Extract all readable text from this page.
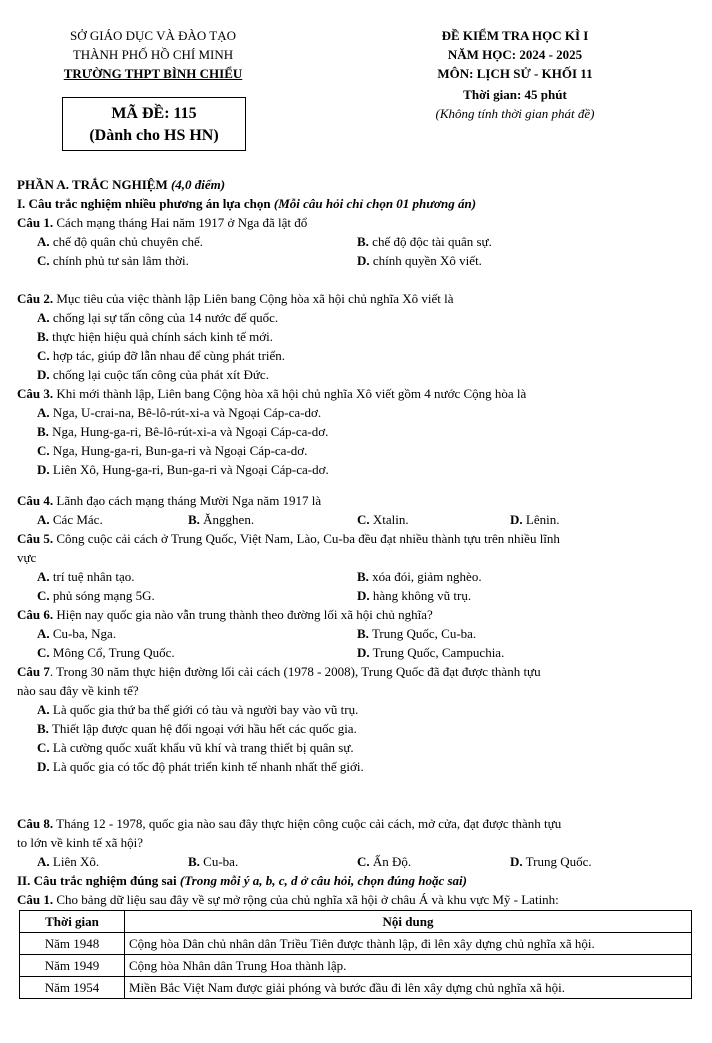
SỞ GIÁO DỤC VÀ ĐÀO TẠO
THÀNH PHỐ HỒ CHÍ MINH
TRƯỜNG THPT BÌNH CHIỂU
ĐỀ KIỂM TRA HỌC KÌ I
NĂM HỌC: 2024 - 2025
MÔN: LỊCH SỬ - KHỐI 11
Thời gian: 45 phút
(Không tính thời gian phát đề)
MÃ ĐỀ: 115
(Dành cho HS HN)
PHẦN A. TRẮC NGHIỆM (4,0 điểm)
I. Câu trắc nghiệm nhiều phương án lựa chọn (Mỗi câu hỏi chỉ chọn 01 phương án)
Câu 1. Cách mạng tháng Hai năm 1917 ở Nga đã lật đổ
A. chế độ quân chủ chuyên chế.	B. chế độ độc tài quân sự.
C. chính phủ tư sản lâm thời.	D. chính quyền Xô viết.
Câu 2. Mục tiêu của việc thành lập Liên bang Cộng hòa xã hội chủ nghĩa Xô viết là
A. chống lại sự tấn công của 14 nước đế quốc.
B. thực hiện hiệu quả chính sách kinh tế mới.
C. hợp tác, giúp đỡ lẫn nhau để cùng phát triển.
D. chống lại cuộc tấn công của phát xít Đức.
Câu 3. Khi mới thành lập, Liên bang Cộng hòa xã hội chủ nghĩa Xô viết gồm 4 nước Cộng hòa là
A. Nga, U-crai-na, Bê-lô-rút-xi-a và Ngoại Cáp-ca-dơ.
B. Nga, Hung-ga-ri, Bê-lô-rút-xi-a và Ngoại Cáp-ca-dơ.
C. Nga, Hung-ga-ri, Bun-ga-ri và Ngoại Cáp-ca-dơ.
D. Liên Xô, Hung-ga-ri, Bun-ga-ri và Ngoại Cáp-ca-dơ.
Câu 4. Lãnh đạo cách mạng tháng Mười Nga năm 1917 là
A. Các Mác.	B. Ăngghen.	C. Xtalin.	D. Lênin.
Câu 5. Công cuộc cải cách ở Trung Quốc, Việt Nam, Lào, Cu-ba đều đạt nhiều thành tựu trên nhiều lĩnh
vực
A. trí tuệ nhân tạo.	B. xóa đói, giảm nghèo.
C. phủ sóng mạng 5G.	D. hàng không vũ trụ.
Câu 6. Hiện nay quốc gia nào vẫn trung thành theo đường lối xã hội chủ nghĩa?
A. Cu-ba, Nga.	B. Trung Quốc, Cu-ba.
C. Mông Cổ, Trung Quốc.	D. Trung Quốc, Campuchia.
Câu 7. Trong 30 năm thực hiện đường lối cải cách (1978 - 2008), Trung Quốc đã đạt được thành tựu
nào sau đây về kinh tế?
A. Là quốc gia thứ ba thế giới có tàu và người bay vào vũ trụ.
B. Thiết lập được quan hệ đối ngoại với hầu hết các quốc gia.
C. Là cường quốc xuất khẩu vũ khí và trang thiết bị quân sự.
D. Là quốc gia có tốc độ phát triển kinh tế nhanh nhất thế giới.
Câu 8. Tháng 12 - 1978, quốc gia nào sau đây thực hiện công cuộc cải cách, mở cửa, đạt được thành tựu
to lớn về kinh tế xã hội?
A. Liên Xô.	B. Cu-ba.	C. Ấn Độ.	D. Trung Quốc.
II. Câu trắc nghiệm đúng sai (Trong mỗi ý a, b, c, d ở câu hỏi, chọn đúng hoặc sai)
Câu 1. Cho bảng dữ liệu sau đây về sự mở rộng của chủ nghĩa xã hội ở châu Á và khu vực Mỹ - Latinh:
Thời gian	Nội dung
Năm 1948	Cộng hòa Dân chủ nhân dân Triều Tiên được thành lập, đi lên xây dựng chủ nghĩa xã hội.
Năm 1949	Cộng hòa Nhân dân Trung Hoa thành lập.
Năm 1954	Miền Bắc Việt Nam được giải phóng và bước đầu đi lên xây dựng chủ nghĩa xã hội.
